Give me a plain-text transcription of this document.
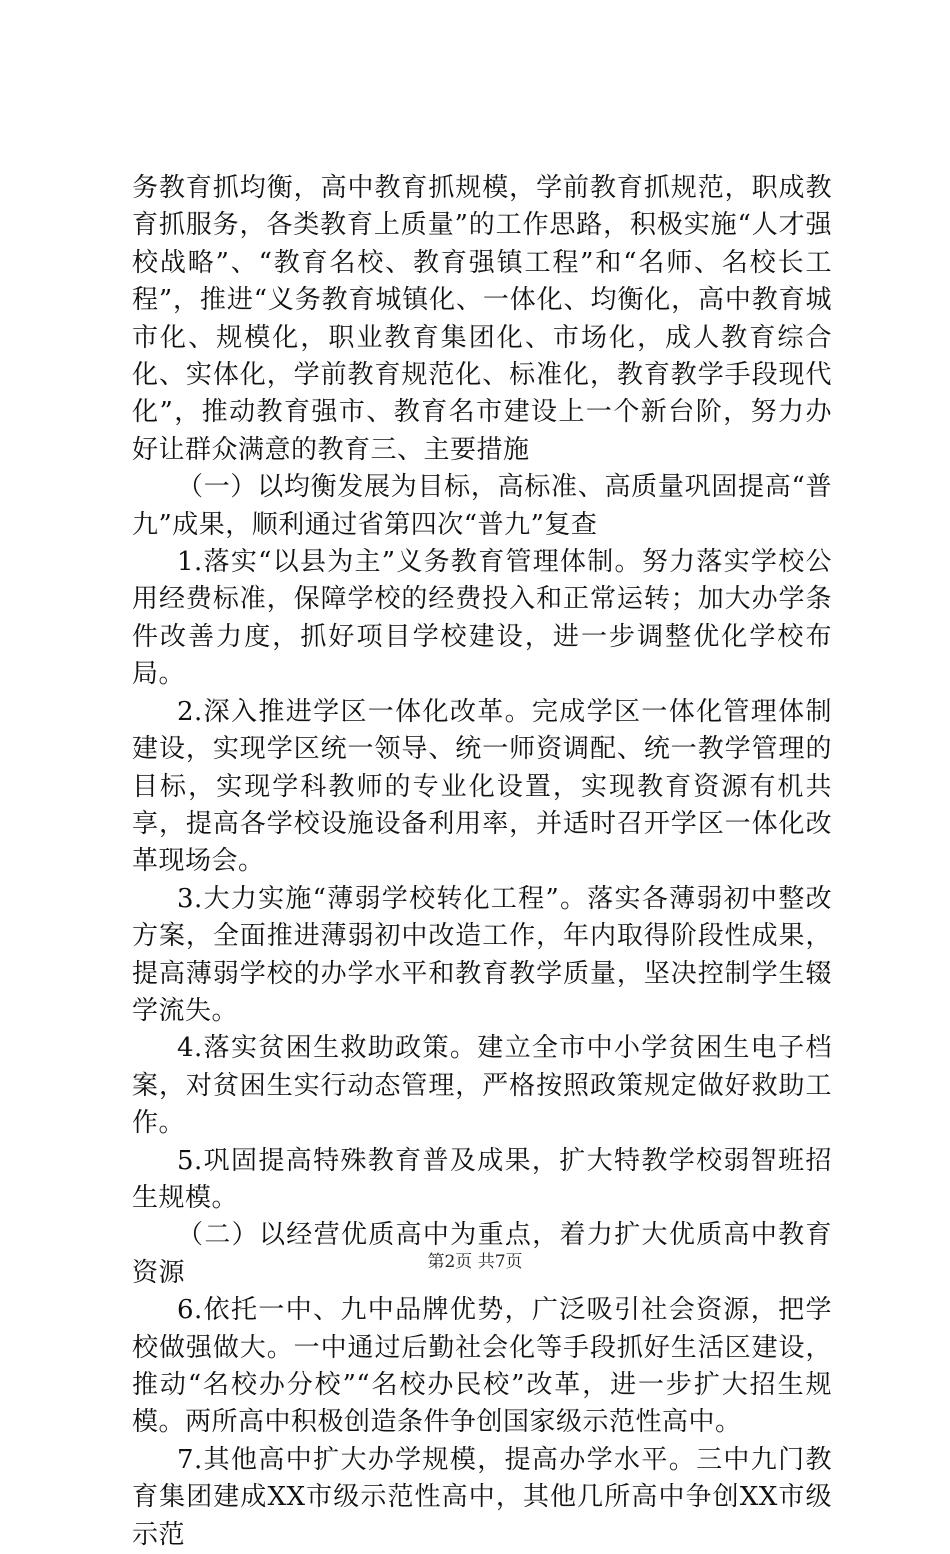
务教育抓均衡，高中教育抓规模，学前教育抓规范，职成教育抓服务，各类教育上质量”的工作思路，积极实施“人才强校战略”、“教育名校、教育强镇工程”和“名师、名校长工程”，推进“义务教育城镇化、一体化、均衡化，高中教育城市化、规模化，职业教育集团化、市场化，成人教育综合化、实体化，学前教育规范化、标准化，教育教学手段现代化”，推动教育强市、教育名市建设上一个新台阶，努力办好让群众满意的教育三、主要措施

（一）以均衡发展为目标，高标准、高质量巩固提高“普九”成果，顺利通过省第四次“普九”复查

1.落实“以县为主”义务教育管理体制。努力落实学校公用经费标准，保障学校的经费投入和正常运转；加大办学条件改善力度，抓好项目学校建设，进一步调整优化学校布局。

2.深入推进学区一体化改革。完成学区一体化管理体制建设，实现学区统一领导、统一师资调配、统一教学管理的目标，实现学科教师的专业化设置，实现教育资源有机共享，提高各学校设施设备利用率，并适时召开学区一体化改革现场会。

3.大力实施“薄弱学校转化工程”。落实各薄弱初中整改方案，全面推进薄弱初中改造工作，年内取得阶段性成果，提高薄弱学校的办学水平和教育教学质量，坚决控制学生辍学流失。

4.落实贫困生救助政策。建立全市中小学贫困生电子档案，对贫困生实行动态管理，严格按照政策规定做好救助工作。

5.巩固提高特殊教育普及成果，扩大特教学校弱智班招生规模。

（二）以经营优质高中为重点，着力扩大优质高中教育资源

6.依托一中、九中品牌优势，广泛吸引社会资源，把学校做强做大。一中通过后勤社会化等手段抓好生活区建设，推动“名校办分校”“名校办民校”改革，进一步扩大招生规模。两所高中积极创造条件争创国家级示范性高中。

7.其他高中扩大办学规模，提高办学水平。三中九门教育集团建成XX市级示范性高中，其他几所高中争创XX市级示范

第2页 共7页
